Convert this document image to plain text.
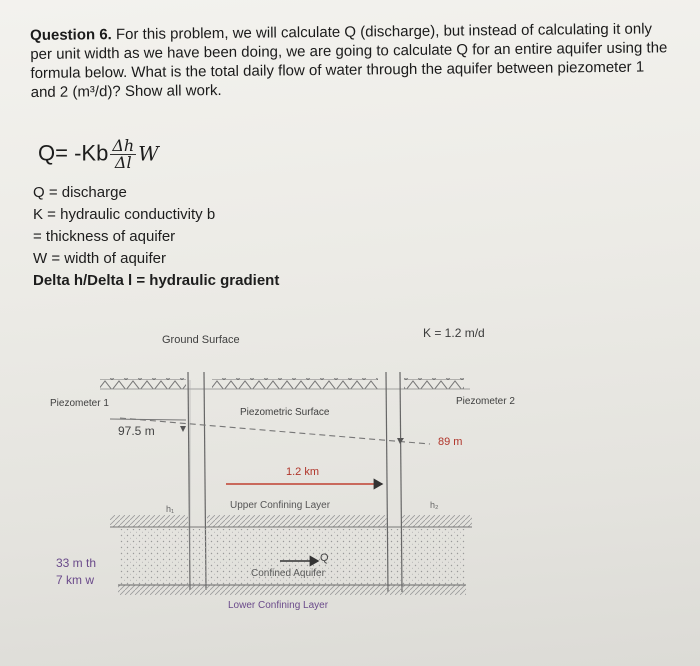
Question 6. For this problem, we will calculate Q (discharge), but instead of calculating it only per unit width as we have been doing, we are going to calculate Q for an entire aquifer using the formula below. What is the total daily flow of water through the aquifer between piezometer 1 and 2 (m³/d)? Show all work.
$Q= -Kb \frac{\Delta h}{\Delta l}$ W
Q = discharge
K = hydraulic conductivity b
= thickness of aquifer
W = width of aquifer
Delta h/Delta l = hydraulic gradient
Ground Surface	K = 1.2 m/d
Piezometer 1	Piezometer 2
Piezometric Surface
97.5 m
89 m
1.2 km
Upper Confining Layer
h₁	h₂
Q
Confined Aquifer
Lower Confining Layer
33 m th
7 km w
